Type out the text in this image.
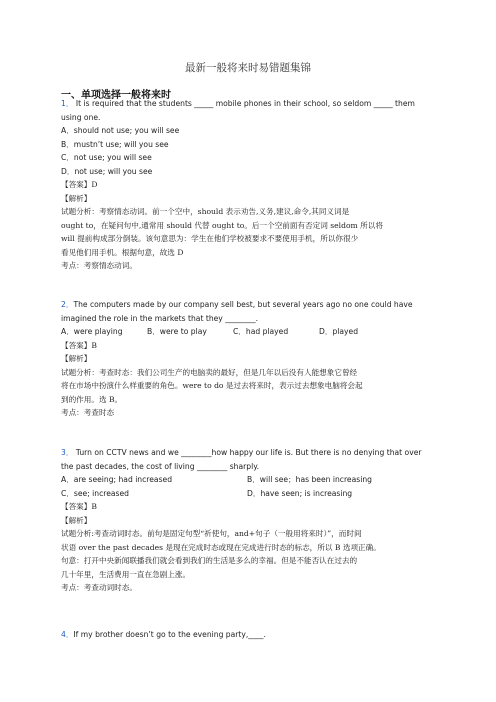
最新一般将来时易错题集锦
一、单项选择一般将来时

1． It is required that the students _____ mobile phones in their school, so seldom _____ them

using one.

A．should not use; you will see

B．mustn’t use; will you see

C．not use; you will see

D．not use; will you see

【答案】D

【解析】

试题分析：考察情态动词。前一个空中，should 表示劝告,义务,建议,命令,其同义词是

ought to，在疑问句中,通常用 should 代替 ought to。后一个空前面有否定词 seldom 所以将

will 提前构成部分倒装。该句意思为：学生在他们学校被要求不要使用手机，所以你很少

看见他们用手机。根据句意，故选 D

考点：考察情态动词。

2．The computers made by our company sell best, but several years ago no one could have

imagined the role in the markets that they ________.

A．were playing	B．were to play	C．had played	D．played

【答案】B

【解析】

试题分析：考查时态：我们公司生产的电脑卖的最好，但是几年以后没有人能想象它曾经

将在市场中扮演什么样重要的角色。were to do 是过去将来时，表示过去想象电脑将会起

到的作用。选 B。

考点：考查时态

3． Turn on CCTV news and we ________how happy our life is. But there is no denying that over

the past decades, the cost of living ________ sharply.

A．are seeing; had increased	B．will see；has been increasing

C．see; increased	D．have seen; is increasing

【答案】B

【解析】

试题分析:考查动词时态。前句是固定句型“祈使句，and+句子（一般用将来时）”，而时间

状语 over the past decades 是现在完成时态或现在完成进行时态的标志，所以 B 选项正确。

句意：打开中央新闻联播我们就会看到我们的生活是多么的幸福。但是不能否认在过去的

几十年里，生活费用一直在急剧上涨。

考点：考查动词时态。

4．If my brother doesn’t go to the evening party,____.
